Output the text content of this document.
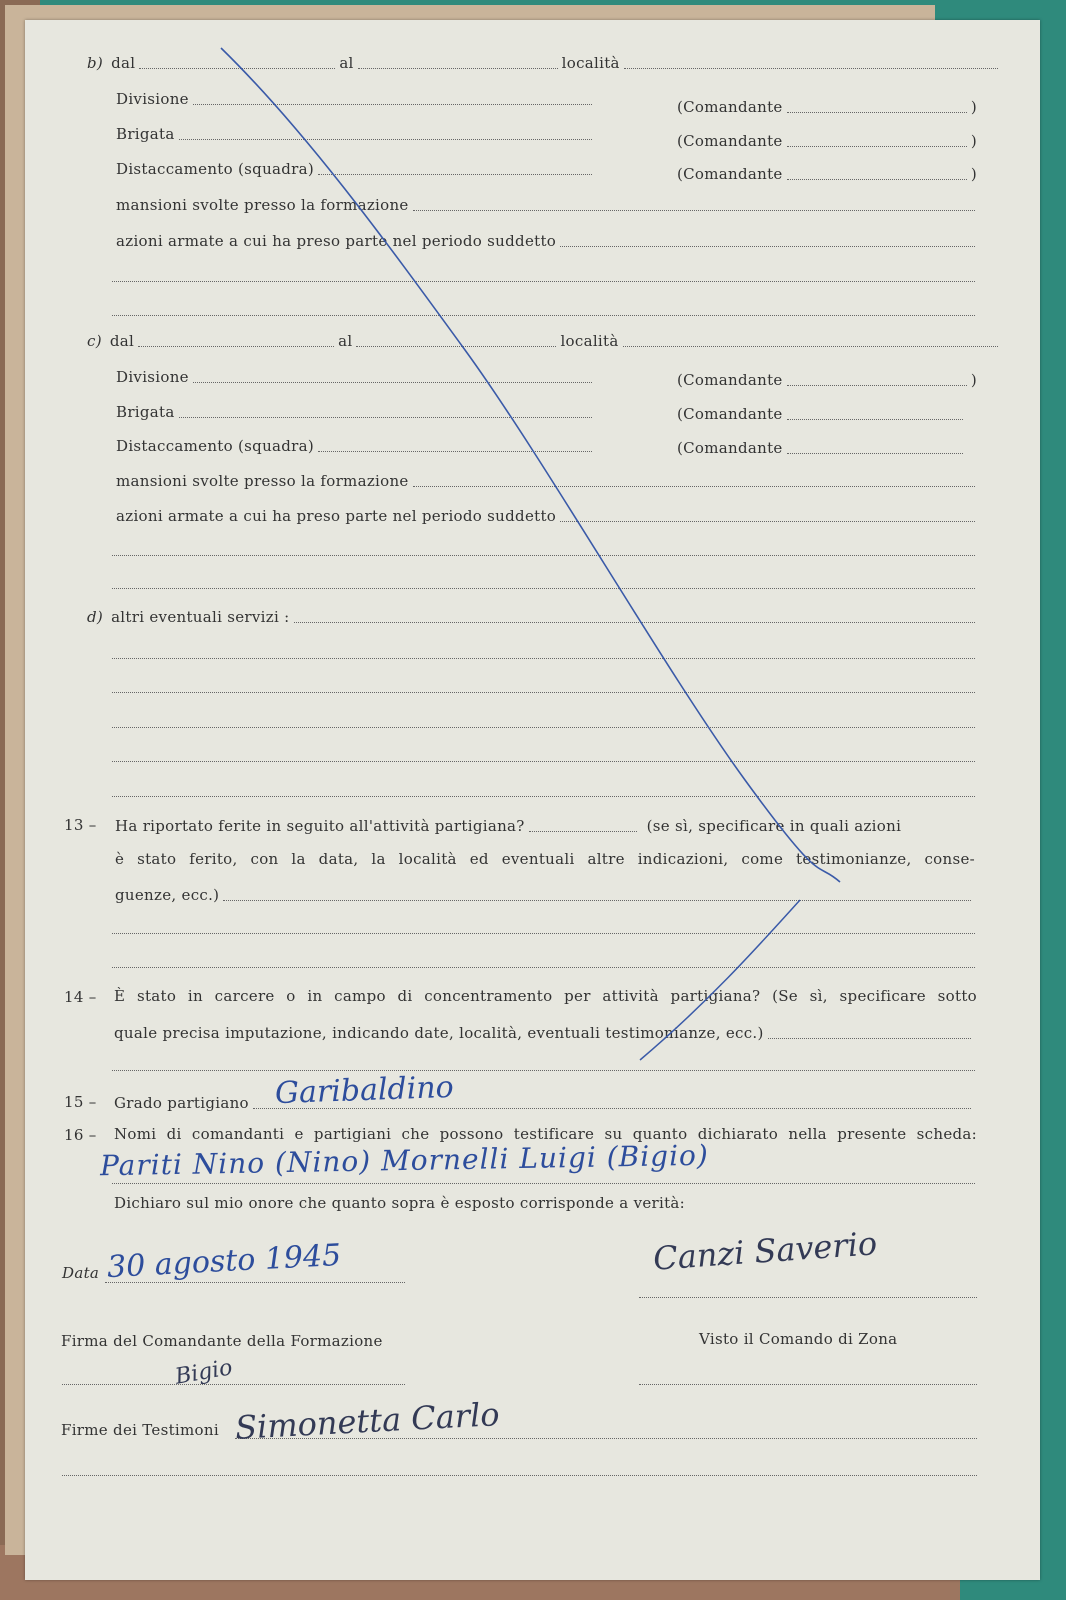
b) dal	al	località
Divisione	(Comandante	)
Brigata	(Comandante	)
Distaccamento (squadra)	(Comandante	)
mansioni svolte presso la formazione
azioni armate a cui ha preso parte nel periodo suddetto
c) dal	al	località
Divisione	(Comandante	)
Brigata	(Comandante
Distaccamento (squadra)	(Comandante
mansioni svolte presso la formazione
azioni armate a cui ha preso parte nel periodo suddetto
d) altri eventuali servizi :
13 – Ha riportato ferite in seguito all'attività partigiana?	(se sì, specificare in quali azioni
è stato ferito, con la data, la località ed eventuali altre indicazioni, come testimonianze, conse-
guenze, ecc.)
14 – È stato in carcere o in campo di concentramento per attività partigiana? (Se sì, specificare sotto
quale precisa imputazione, indicando date, località, eventuali testimonianze, ecc.)
15 – Grado partigiano Garibaldino
16 – Nomi di comandanti e partigiani che possono testificare su quanto dichiarato nella presente scheda:
Pariti Nino (Nino) Mornelli Luigi (Bigio)
Dichiaro sul mio onore che quanto sopra è esposto corrisponde a verità:
Data 30 agosto 1945	Canzi Saverio
Firma del Comandante della Formazione	Visto il Comando di Zona
Bigio
Firme dei Testimoni Simonetta Carlo
